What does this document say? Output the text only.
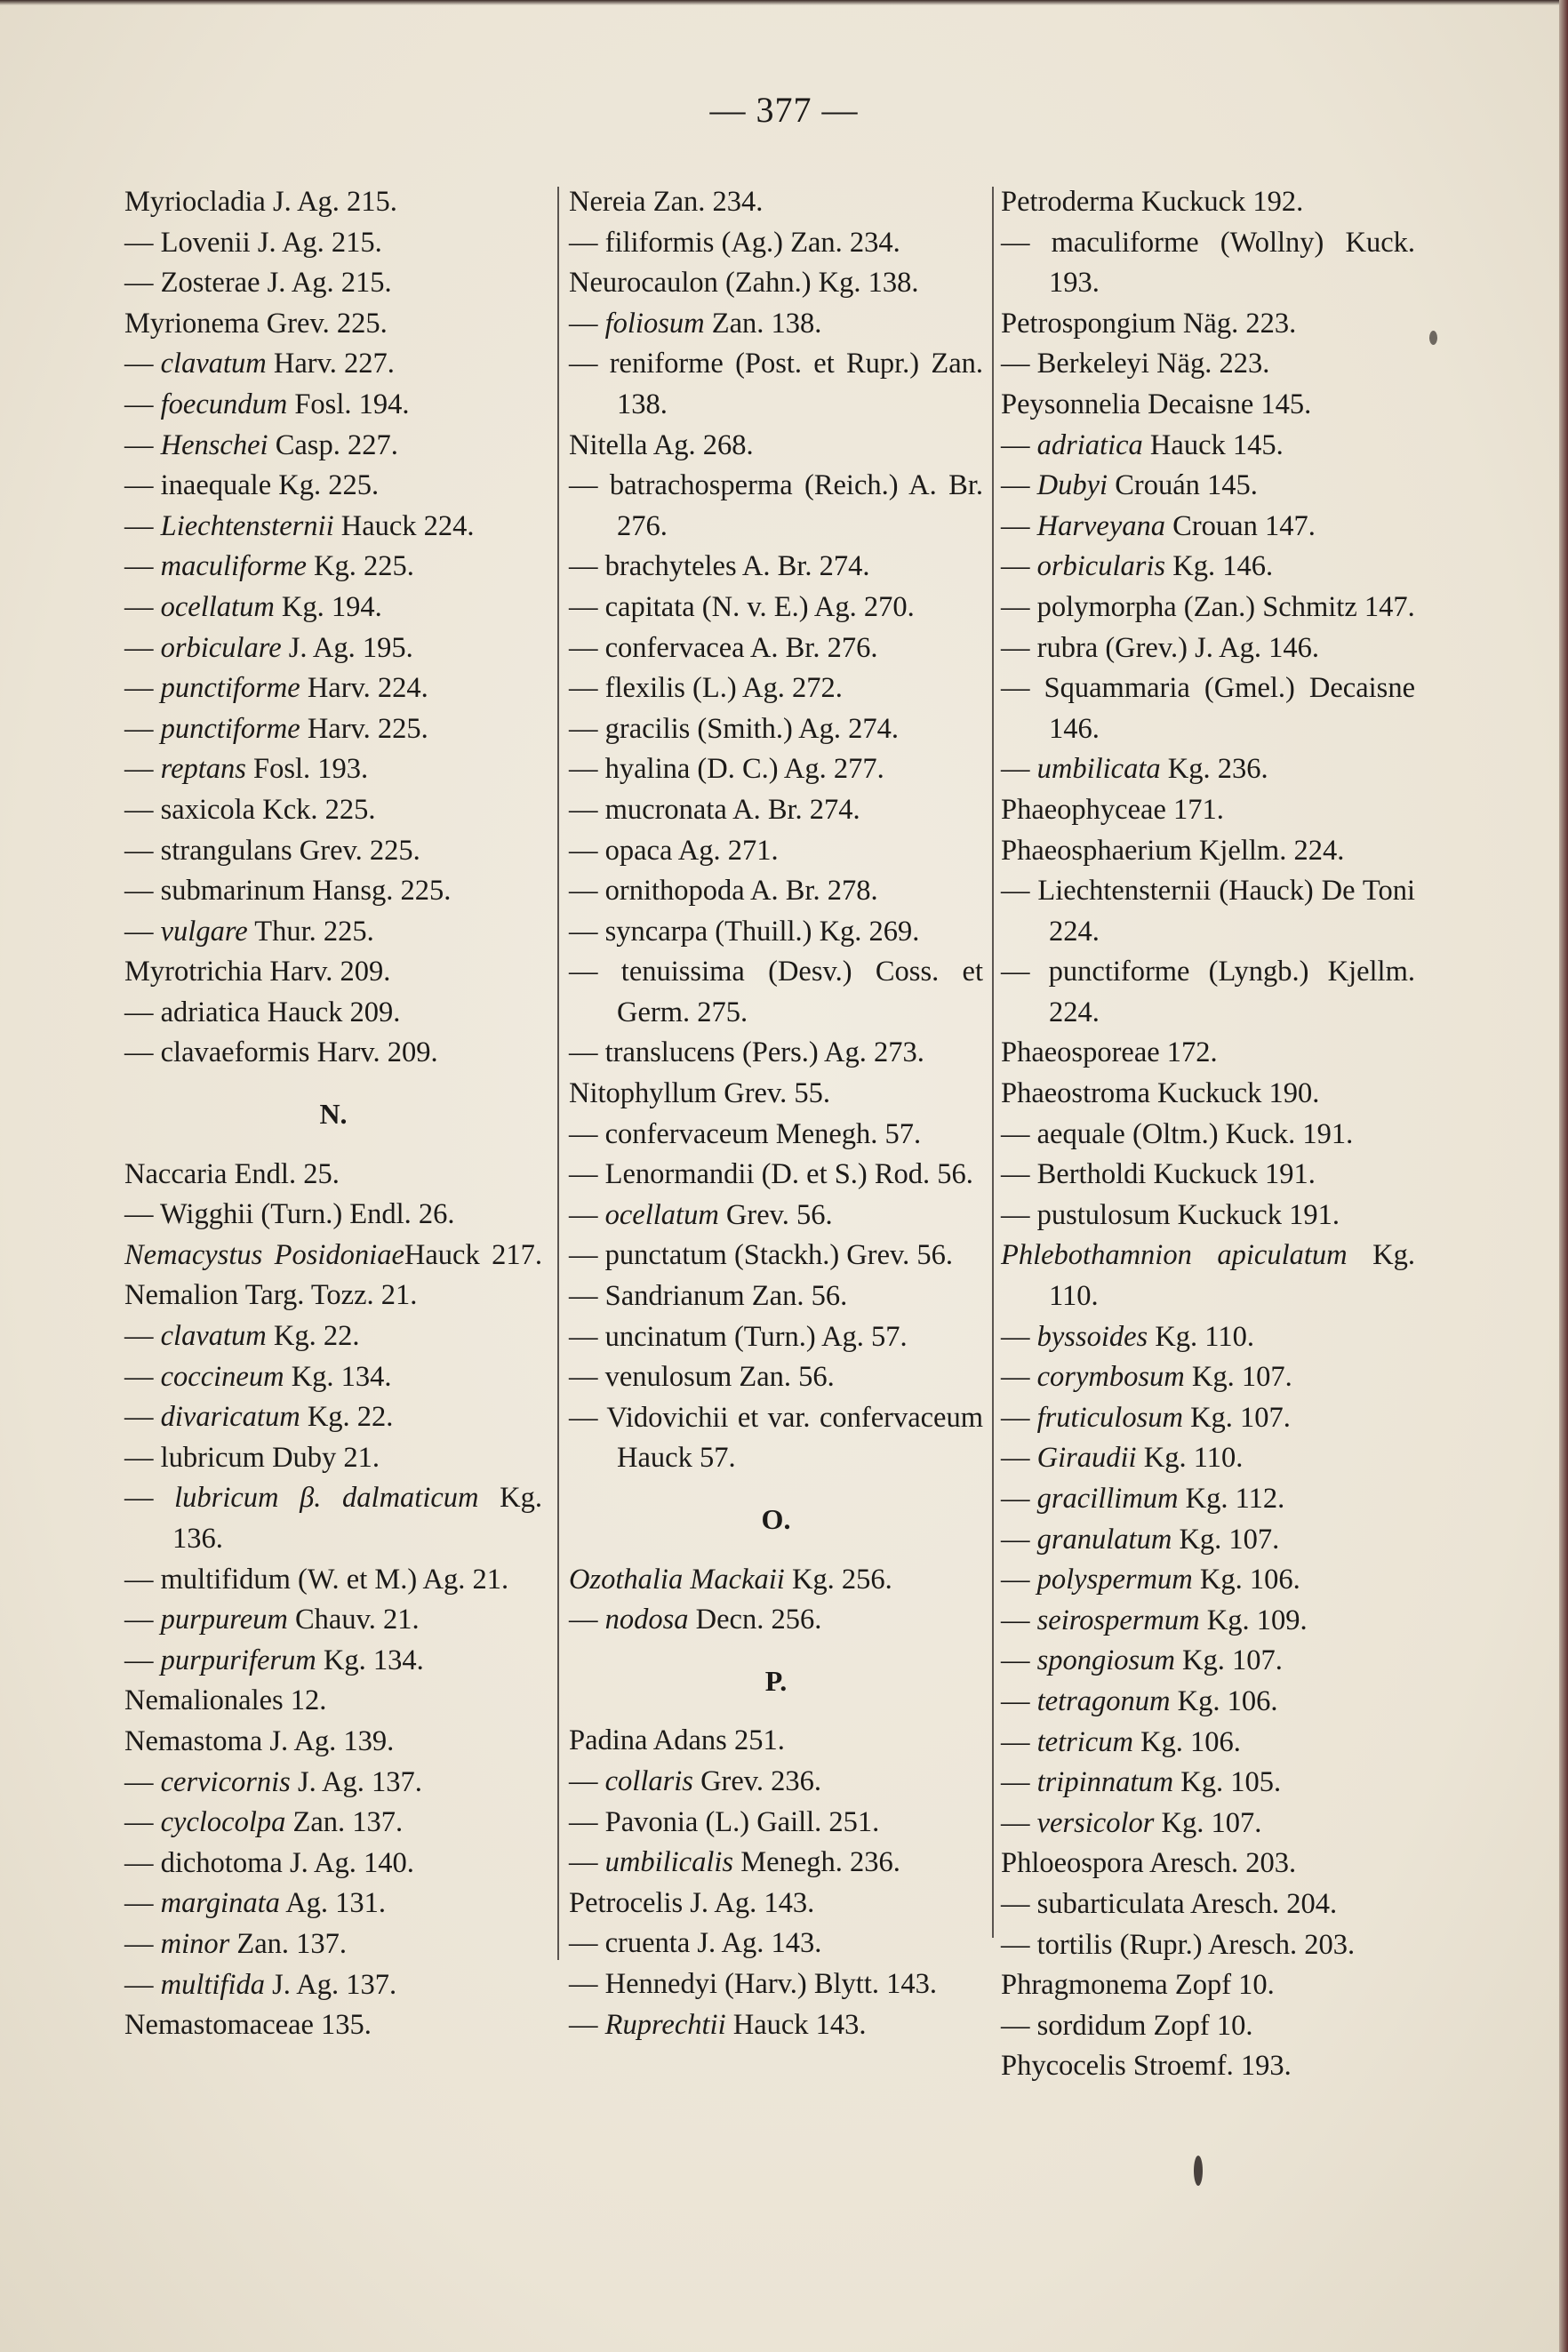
— 377 —
Myriocladia J. Ag. 215.
— Lovenii J. Ag. 215.
— Zosterae J. Ag. 215.
Myrionema Grev. 225.
— clavatum Harv. 227.
— foecundum Fosl. 194.
— Henschei Casp. 227.
— inaequale Kg. 225.
— Liechtensternii Hauck 224.
— maculiforme Kg. 225.
— ocellatum Kg. 194.
— orbiculare J. Ag. 195.
— punctiforme Harv. 224.
— punctiforme Harv. 225.
— reptans Fosl. 193.
— saxicola Kck. 225.
— strangulans Grev. 225.
— submarinum Hansg. 225.
— vulgare Thur. 225.
Myrotrichia Harv. 209.
— adriatica Hauck 209.
— clavaeformis Harv. 209.
N.
Naccaria Endl. 25.
— Wigghii (Turn.) Endl. 26.
Nemacystus PosidoniaeHauck 217.
Nemalion Targ. Tozz. 21.
— clavatum Kg. 22.
— coccineum Kg. 134.
— divaricatum Kg. 22.
— lubricum Duby 21.
— lubricum β. dalmaticum Kg. 136.
— multifidum (W. et M.) Ag. 21.
— purpureum Chauv. 21.
— purpuriferum Kg. 134.
Nemalionales 12.
Nemastoma J. Ag. 139.
— cervicornis J. Ag. 137.
— cyclocolpa Zan. 137.
— dichotoma J. Ag. 140.
— marginata Ag. 131.
— minor Zan. 137.
— multifida J. Ag. 137.
Nemastomaceae 135.
Nereia Zan. 234.
— filiformis (Ag.) Zan. 234.
Neurocaulon (Zahn.) Kg. 138.
— foliosum Zan. 138.
— reniforme (Post. et Rupr.) Zan. 138.
Nitella Ag. 268.
— batrachosperma (Reich.) A. Br. 276.
— brachyteles A. Br. 274.
— capitata (N. v. E.) Ag. 270.
— confervacea A. Br. 276.
— flexilis (L.) Ag. 272.
— gracilis (Smith.) Ag. 274.
— hyalina (D. C.) Ag. 277.
— mucronata A. Br. 274.
— opaca Ag. 271.
— ornithopoda A. Br. 278.
— syncarpa (Thuill.) Kg. 269.
— tenuissima (Desv.) Coss. et Germ. 275.
— translucens (Pers.) Ag. 273.
Nitophyllum Grev. 55.
— confervaceum Menegh. 57.
— Lenormandii (D. et S.) Rod. 56.
— ocellatum Grev. 56.
— punctatum (Stackh.) Grev. 56.
— Sandrianum Zan. 56.
— uncinatum (Turn.) Ag. 57.
— venulosum Zan. 56.
— Vidovichii et var. confervaceum Hauck 57.
O.
Ozothalia Mackaii Kg. 256.
— nodosa Decn. 256.
P.
Padina Adans 251.
— collaris Grev. 236.
— Pavonia (L.) Gaill. 251.
— umbilicalis Menegh. 236.
Petrocelis J. Ag. 143.
— cruenta J. Ag. 143.
— Hennedyi (Harv.) Blytt. 143.
— Ruprechtii Hauck 143.
Petroderma Kuckuck 192.
— maculiforme (Wollny) Kuck. 193.
Petrospongium Näg. 223.
— Berkeleyi Näg. 223.
Peysonnelia Decaisne 145.
— adriatica Hauck 145.
— Dubyi Crouán 145.
— Harveyana Crouan 147.
— orbicularis Kg. 146.
— polymorpha (Zan.) Schmitz 147.
— rubra (Grev.) J. Ag. 146.
— Squammaria (Gmel.) Decaisne 146.
— umbilicata Kg. 236.
Phaeophyceae 171.
Phaeosphaerium Kjellm. 224.
— Liechtensternii (Hauck) De Toni 224.
— punctiforme (Lyngb.) Kjellm. 224.
Phaeosporeae 172.
Phaeostroma Kuckuck 190.
— aequale (Oltm.) Kuck. 191.
— Bertholdi Kuckuck 191.
— pustulosum Kuckuck 191.
Phlebothamnion apiculatum Kg. 110.
— byssoides Kg. 110.
— corymbosum Kg. 107.
— fruticulosum Kg. 107.
— Giraudii Kg. 110.
— gracillimum Kg. 112.
— granulatum Kg. 107.
— polyspermum Kg. 106.
— seirospermum Kg. 109.
— spongiosum Kg. 107.
— tetragonum Kg. 106.
— tetricum Kg. 106.
— tripinnatum Kg. 105.
— versicolor Kg. 107.
Phloeospora Aresch. 203.
— subarticulata Aresch. 204.
— tortilis (Rupr.) Aresch. 203.
Phragmonema Zopf 10.
— sordidum Zopf 10.
Phycocelis Stroemf. 193.
